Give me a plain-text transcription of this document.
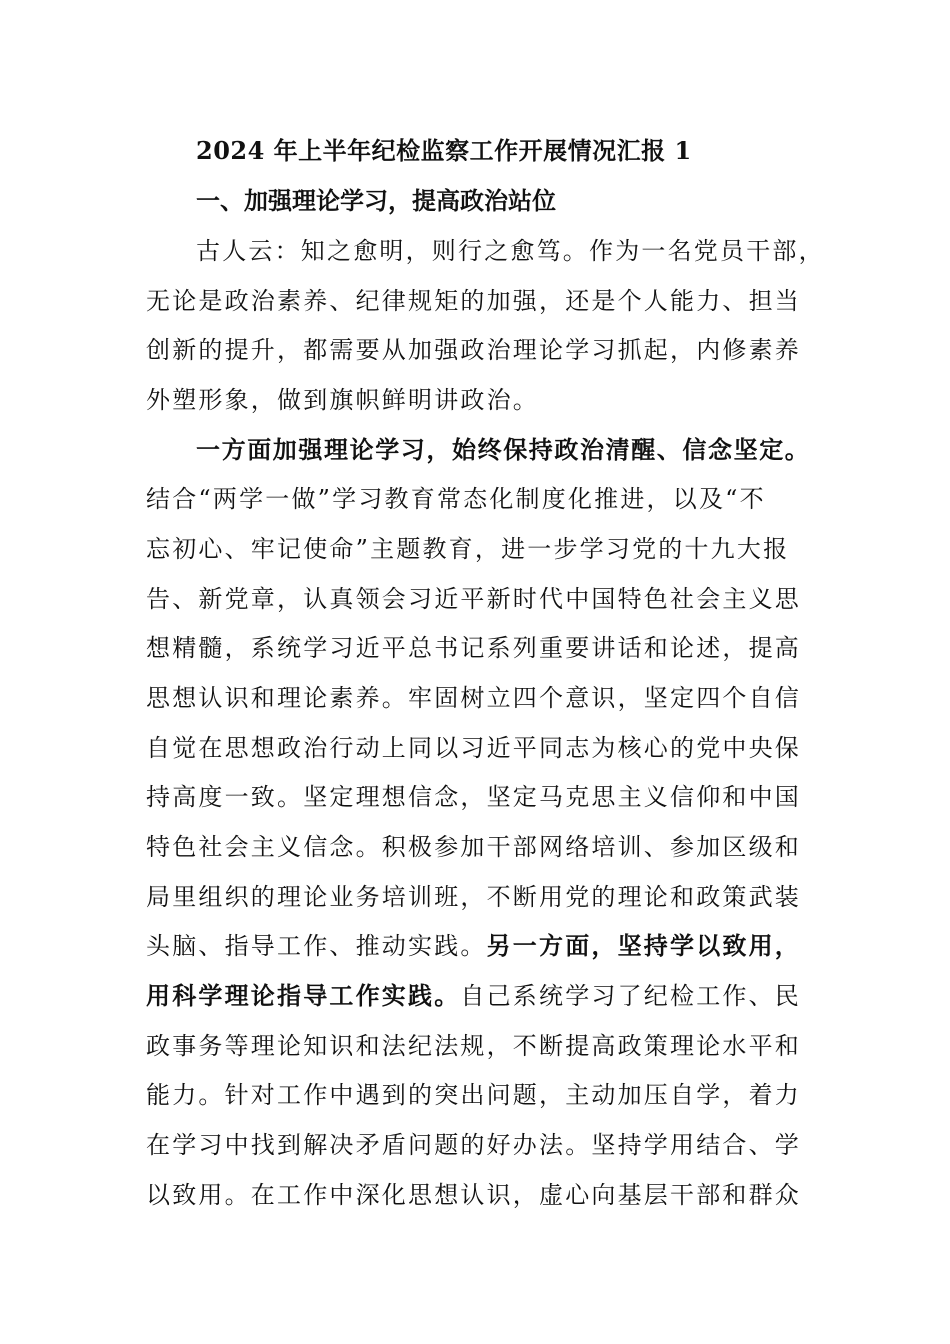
2024 年上半年纪检监察工作开展情况汇报 1
一、加强理论学习，提高政治站位
古人云：知之愈明，则行之愈笃。作为一名党员干部，
无论是政治素养、纪律规矩的加强，还是个人能力、担当
创新的提升，都需要从加强政治理论学习抓起，内修素养
外塑形象，做到旗帜鲜明讲政治。
一方面加强理论学习，始终保持政治清醒、信念坚定。
结合“两学一做”学习教育常态化制度化推进，以及“不
忘初心、牢记使命”主题教育，进一步学习党的十九大报
告、新党章，认真领会习近平新时代中国特色社会主义思
想精髓，系统学习近平总书记系列重要讲话和论述，提高
思想认识和理论素养。牢固树立四个意识，坚定四个自信
自觉在思想政治行动上同以习近平同志为核心的党中央保
持高度一致。坚定理想信念，坚定马克思主义信仰和中国
特色社会主义信念。积极参加干部网络培训、参加区级和
局里组织的理论业务培训班，不断用党的理论和政策武装
头脑、指导工作、推动实践。另一方面，坚持学以致用，
用科学理论指导工作实践。自己系统学习了纪检工作、民
政事务等理论知识和法纪法规，不断提高政策理论水平和
能力。针对工作中遇到的突出问题，主动加压自学，着力
在学习中找到解决矛盾问题的好办法。坚持学用结合、学
以致用。在工作中深化思想认识，虚心向基层干部和群众
